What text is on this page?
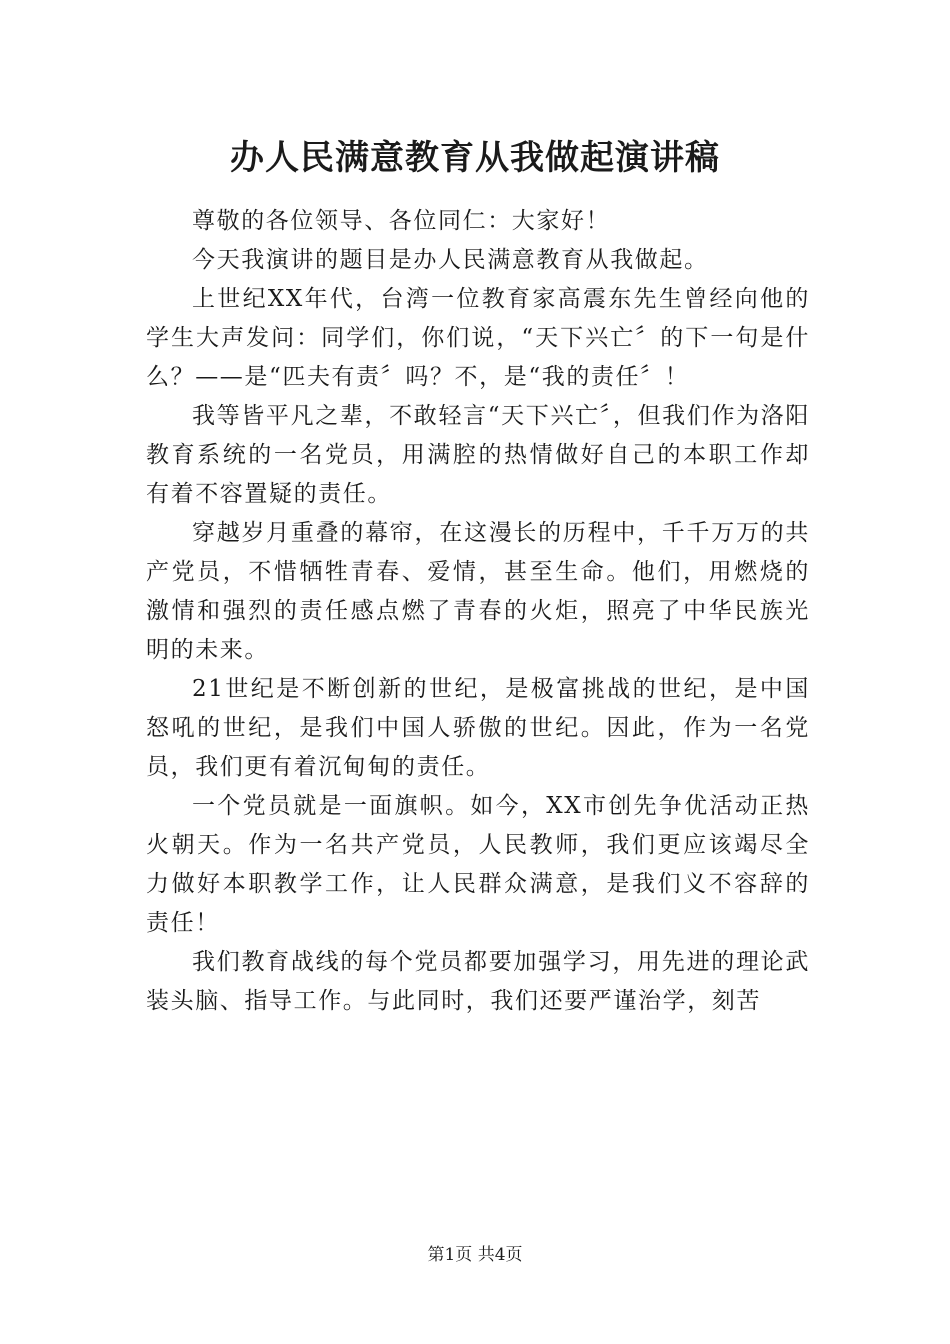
办人民满意教育从我做起演讲稿

尊敬的各位领导、各位同仁：大家好！

今天我演讲的题目是办人民满意教育从我做起。

上世纪XX年代，台湾一位教育家高震东先生曾经向他的学生大声发问：同学们，你们说，“天下兴亡〞的下一句是什么？——是“匹夫有责〞吗？不，是“我的责任〞！

我等皆平凡之辈，不敢轻言“天下兴亡〞，但我们作为洛阳教育系统的一名党员，用满腔的热情做好自己的本职工作却有着不容置疑的责任。

穿越岁月重叠的幕帘，在这漫长的历程中，千千万万的共产党员，不惜牺牲青春、爱情，甚至生命。他们，用燃烧的激情和强烈的责任感点燃了青春的火炬，照亮了中华民族光明的未来。

21世纪是不断创新的世纪，是极富挑战的世纪，是中国怒吼的世纪，是我们中国人骄傲的世纪。因此，作为一名党员，我们更有着沉甸甸的责任。

一个党员就是一面旗帜。如今，XX市创先争优活动正热火朝天。作为一名共产党员，人民教师，我们更应该竭尽全力做好本职教学工作，让人民群众满意，是我们义不容辞的责任！

我们教育战线的每个党员都要加强学习，用先进的理论武装头脑、指导工作。与此同时，我们还要严谨治学，刻苦

第1页 共4页
